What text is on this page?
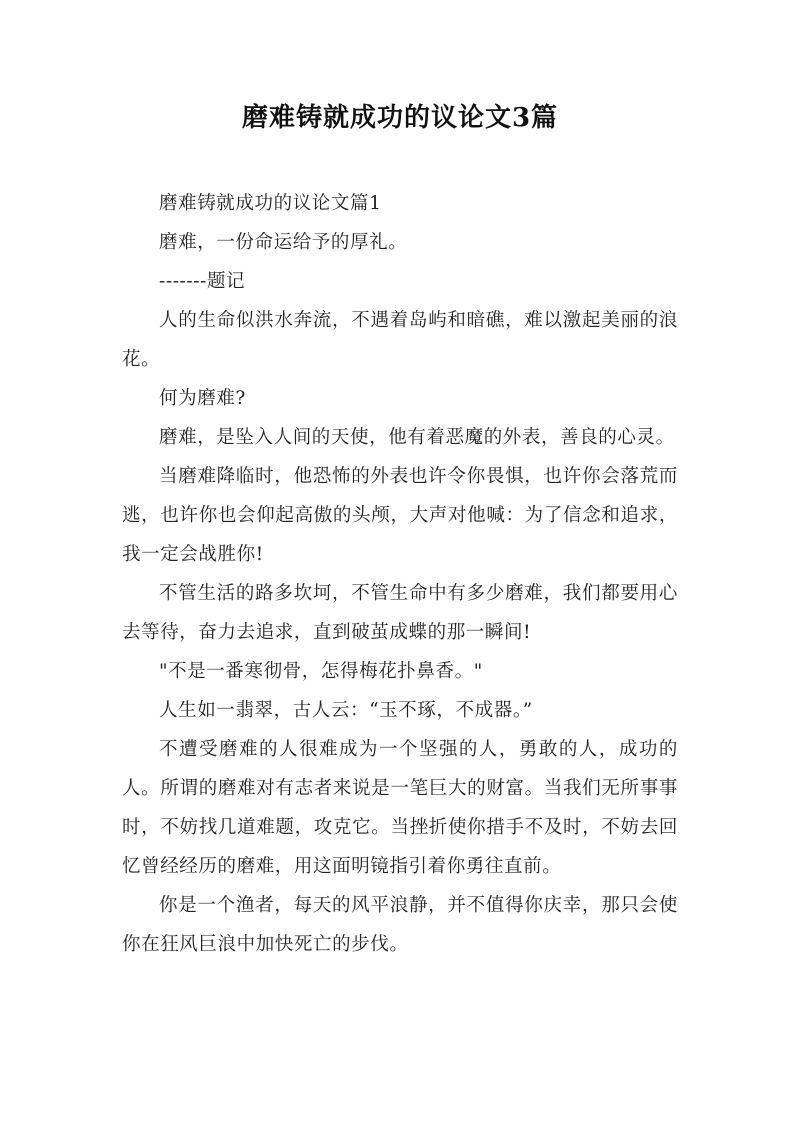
磨难铸就成功的议论文3篇

磨难铸就成功的议论文篇1

磨难，一份命运给予的厚礼。

-------题记

人的生命似洪水奔流，不遇着岛屿和暗礁，难以激起美丽的浪花。

何为磨难?

磨难，是坠入人间的天使，他有着恶魔的外表，善良的心灵。

当磨难降临时，他恐怖的外表也许令你畏惧，也许你会落荒而逃，也许你也会仰起高傲的头颅，大声对他喊：为了信念和追求，我一定会战胜你!

不管生活的路多坎坷，不管生命中有多少磨难，我们都要用心去等待，奋力去追求，直到破茧成蝶的那一瞬间!

"不是一番寒彻骨，怎得梅花扑鼻香。"

人生如一翡翠，古人云：“玉不琢，不成器。”

不遭受磨难的人很难成为一个坚强的人，勇敢的人，成功的人。所谓的磨难对有志者来说是一笔巨大的财富。当我们无所事事时，不妨找几道难题，攻克它。当挫折使你措手不及时，不妨去回忆曾经经历的磨难，用这面明镜指引着你勇往直前。

你是一个渔者，每天的风平浪静，并不值得你庆幸，那只会使你在狂风巨浪中加快死亡的步伐。
